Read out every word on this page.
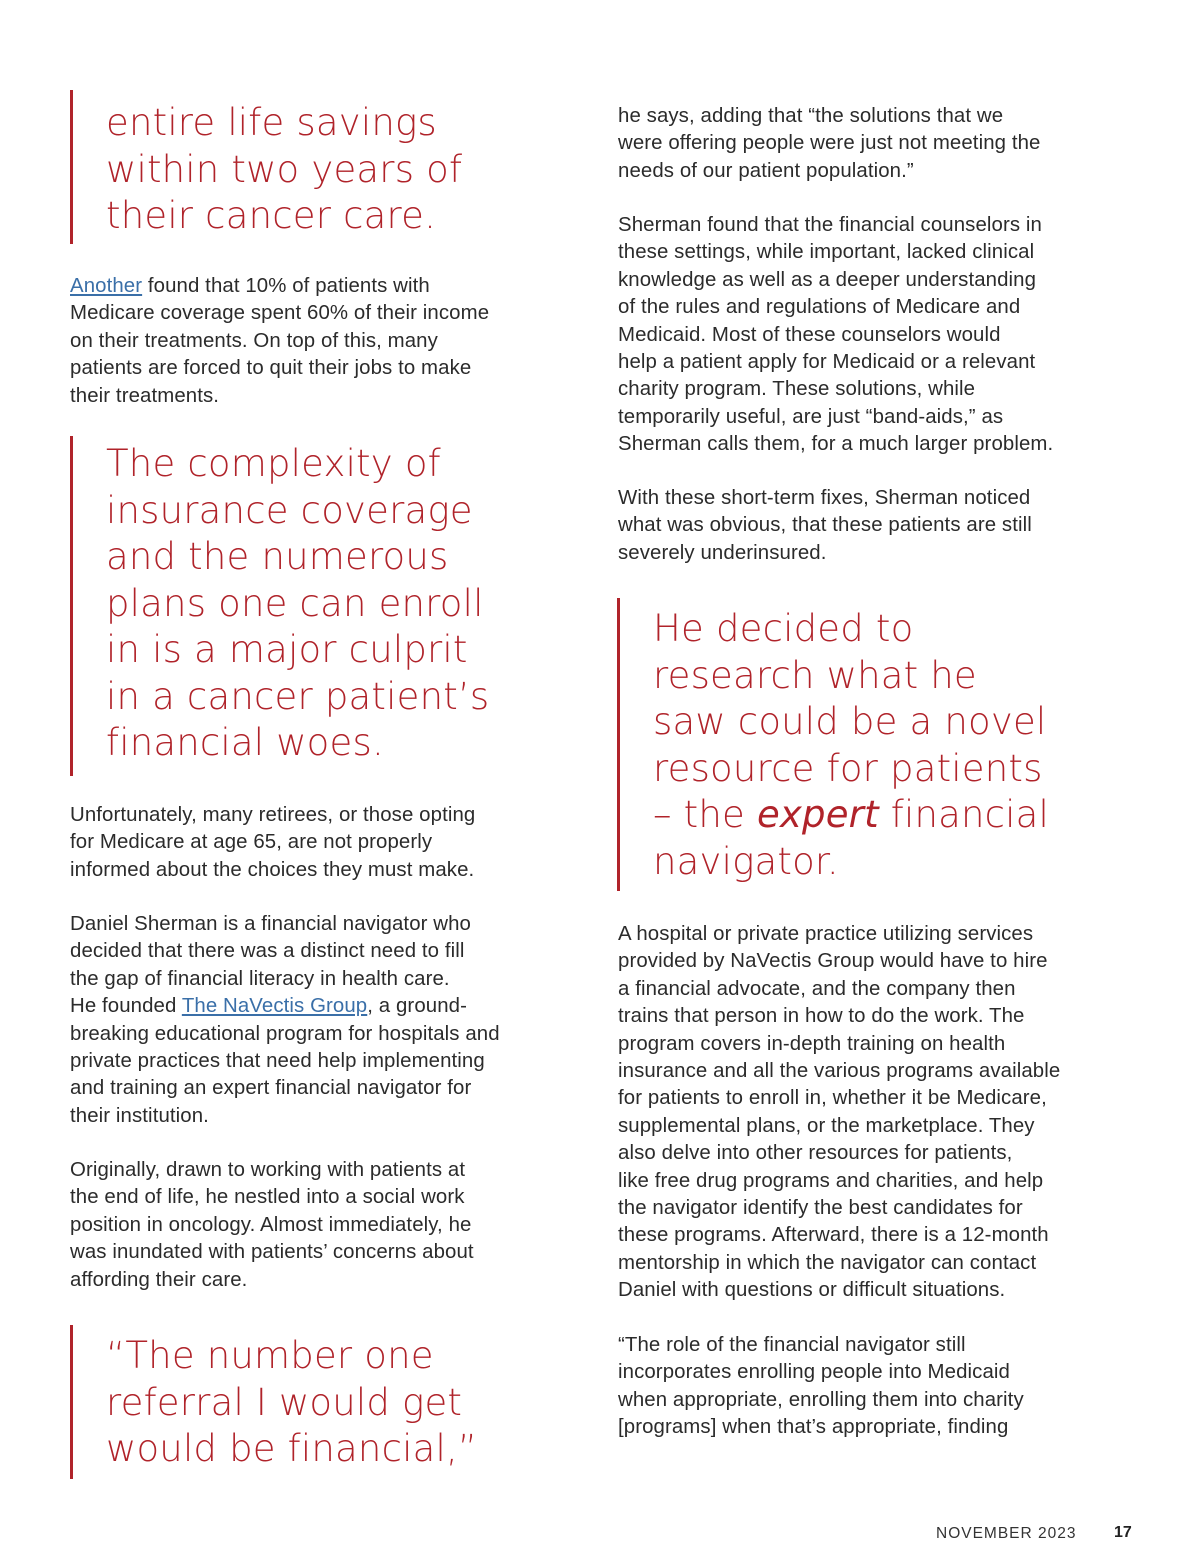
entire life savings
within two years of
their cancer care.
Another found that 10% of patients with
Medicare coverage spent 60% of their income
on their treatments. On top of this, many
patients are forced to quit their jobs to make
their treatments.
The complexity of
insurance coverage
and the numerous
plans one can enroll
in is a major culprit
in a cancer patient’s
financial woes.
Unfortunately, many retirees, or those opting
for Medicare at age 65, are not properly
informed about the choices they must make.
Daniel Sherman is a financial navigator who
decided that there was a distinct need to fill
the gap of financial literacy in health care.
He founded The NaVectis Group, a ground-
breaking educational program for hospitals and
private practices that need help implementing
and training an expert financial navigator for
their institution.
Originally, drawn to working with patients at
the end of life, he nestled into a social work
position in oncology. Almost immediately, he
was inundated with patients’ concerns about
affording their care.
“The number one
referral I would get
would be financial,”
he says, adding that “the solutions that we
were offering people were just not meeting the
needs of our patient population.”
Sherman found that the financial counselors in
these settings, while important, lacked clinical
knowledge as well as a deeper understanding
of the rules and regulations of Medicare and
Medicaid. Most of these counselors would
help a patient apply for Medicaid or a relevant
charity program. These solutions, while
temporarily useful, are just “band-aids,” as
Sherman calls them, for a much larger problem.
With these short-term fixes, Sherman noticed
what was obvious, that these patients are still
severely underinsured.
He decided to
research what he
saw could be a novel
resource for patients
– the expert financial
navigator.
A hospital or private practice utilizing services
provided by NaVectis Group would have to hire
a financial advocate, and the company then
trains that person in how to do the work. The
program covers in-depth training on health
insurance and all the various programs available
for patients to enroll in, whether it be Medicare,
supplemental plans, or the marketplace. They
also delve into other resources for patients,
like free drug programs and charities, and help
the navigator identify the best candidates for
these programs. Afterward, there is a 12-month
mentorship in which the navigator can contact
Daniel with questions or difficult situations.
“The role of the financial navigator still
incorporates enrolling people into Medicaid
when appropriate, enrolling them into charity
[programs] when that’s appropriate, finding
NOVEMBER 2023 17
